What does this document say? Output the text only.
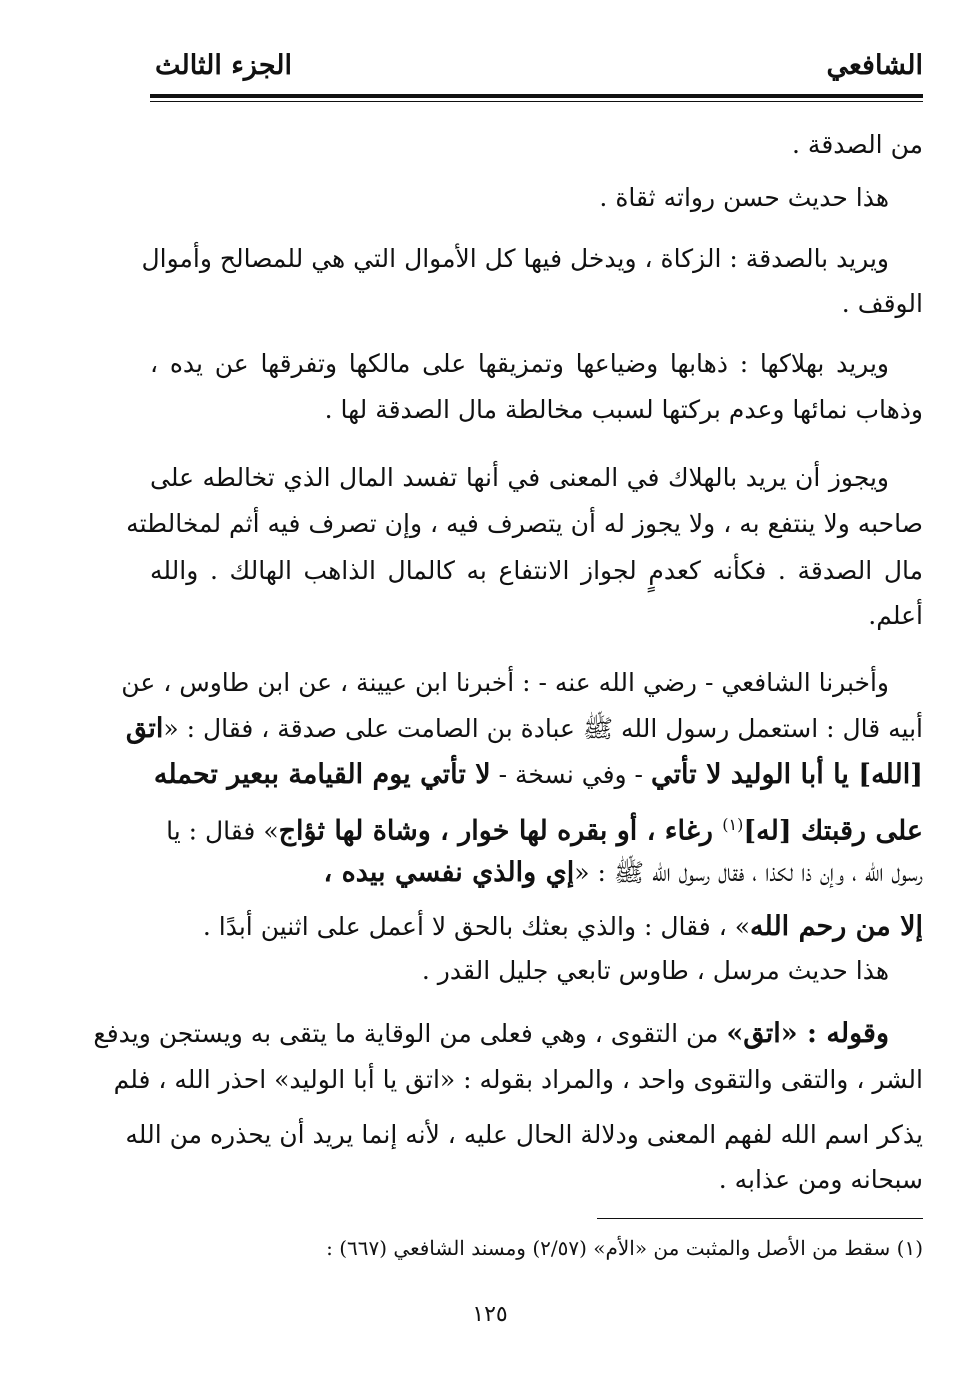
الشافعي
الجزء الثالث
من الصدقة .
هذا حديث حسن رواته ثقاة .
ويريد بالصدقة : الزكاة ، ويدخل فيها كل الأموال التي هي للمصالح وأموال
الوقف .
ويريد بهلاكها : ذهابها وضياعها وتمزيقها على مالكها وتفرقها عن يده ،
وذهاب نمائها وعدم بركتها لسبب مخالطة مال الصدقة لها .
ويجوز أن يريد بالهلاك في المعنى في أنها تفسد المال الذي تخالطه على
صاحبه ولا ينتفع به ، ولا يجوز له أن يتصرف فيه ، وإن تصرف فيه أثم لمخالطته
مال الصدقة . فكأنه كعدمٍ لجواز الانتفاع به كالمال الذاهب الهالك . والله
أعلم.
وأخبرنا الشافعي - رضي الله عنه - : أخبرنا ابن عيينة ، عن ابن طاوس ، عن
أبيه قال : استعمل رسول الله ﷺ عبادة بن الصامت على صدقة ، فقال : «اتق
[الله] يا أبا الوليد لا تأتي - وفي نسخة - لا تأتي يوم القيامة ببعير تحمله
على رقبتك [له]$^{(١)}$ رغاء ، أو بقره لها خوار ، وشاة لها ثؤاج» فقال : يا
رسول الله ، وإن ذا لكذا ، فقال رسول الله ﷺ : «إي والذي نفسي بيده ،
إلا من رحم الله» ، فقال : والذي بعثك بالحق لا أعمل على اثنين أبدًا .
هذا حديث مرسل ، طاوس تابعي جليل القدر .
وقوله : «اتق» من التقوى ، وهي فعلى من الوقاية ما يتقى به ويستجن ويدفع
الشر ، والتقى والتقوى واحد ، والمراد بقوله : «اتق يا أبا الوليد» احذر الله ، فلم
يذكر اسم الله لفهم المعنى ودلالة الحال عليه ، لأنه إنما يريد أن يحذره من الله
سبحانه ومن عذابه .
(١) سقط من الأصل والمثبت من «الأم» (٢/٥٧) ومسند الشافعي (٦٦٧) :
١٢٥
